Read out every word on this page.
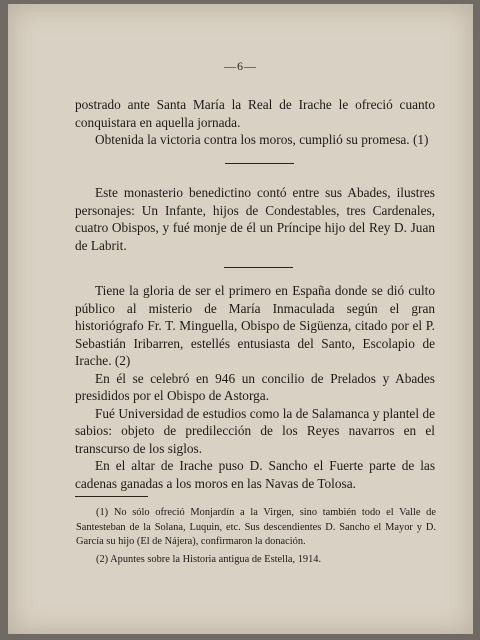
—6—

postrado ante Santa María la Real de Irache le ofreció cuanto conquistara en aquella jornada.

Obtenida la victoria contra los moros, cumplió su promesa. (1)

Este monasterio benedictino contó entre sus Abades, ilustres personajes: Un Infante, hijos de Condestables, tres Cardenales, cuatro Obispos, y fué monje de él un Príncipe hijo del Rey D. Juan de Labrit.

Tiene la gloria de ser el primero en España donde se dió culto público al misterio de María Inmaculada según el gran historiógrafo Fr. T. Minguella, Obispo de Sigüenza, citado por el P. Sebastián Iribarren, estellés entusiasta del Santo, Escolapio de Irache. (2)

En él se celebró en 946 un concilio de Prelados y Abades presididos por el Obispo de Astorga.

Fué Universidad de estudios como la de Salamanca y plantel de sabios: objeto de predilección de los Reyes navarros en el transcurso de los siglos.

En el altar de Irache puso D. Sancho el Fuerte parte de las cadenas ganadas a los moros en las Navas de Tolosa.

(1) No sólo ofreció Monjardín a la Virgen, sino también todo el Valle de Santesteban de la Solana, Luquin, etc. Sus descendientes D. Sancho el Mayor y D. García su hijo (El de Nájera), confirmaron la donación.

(2) Apuntes sobre la Historia antigua de Estella, 1914.
